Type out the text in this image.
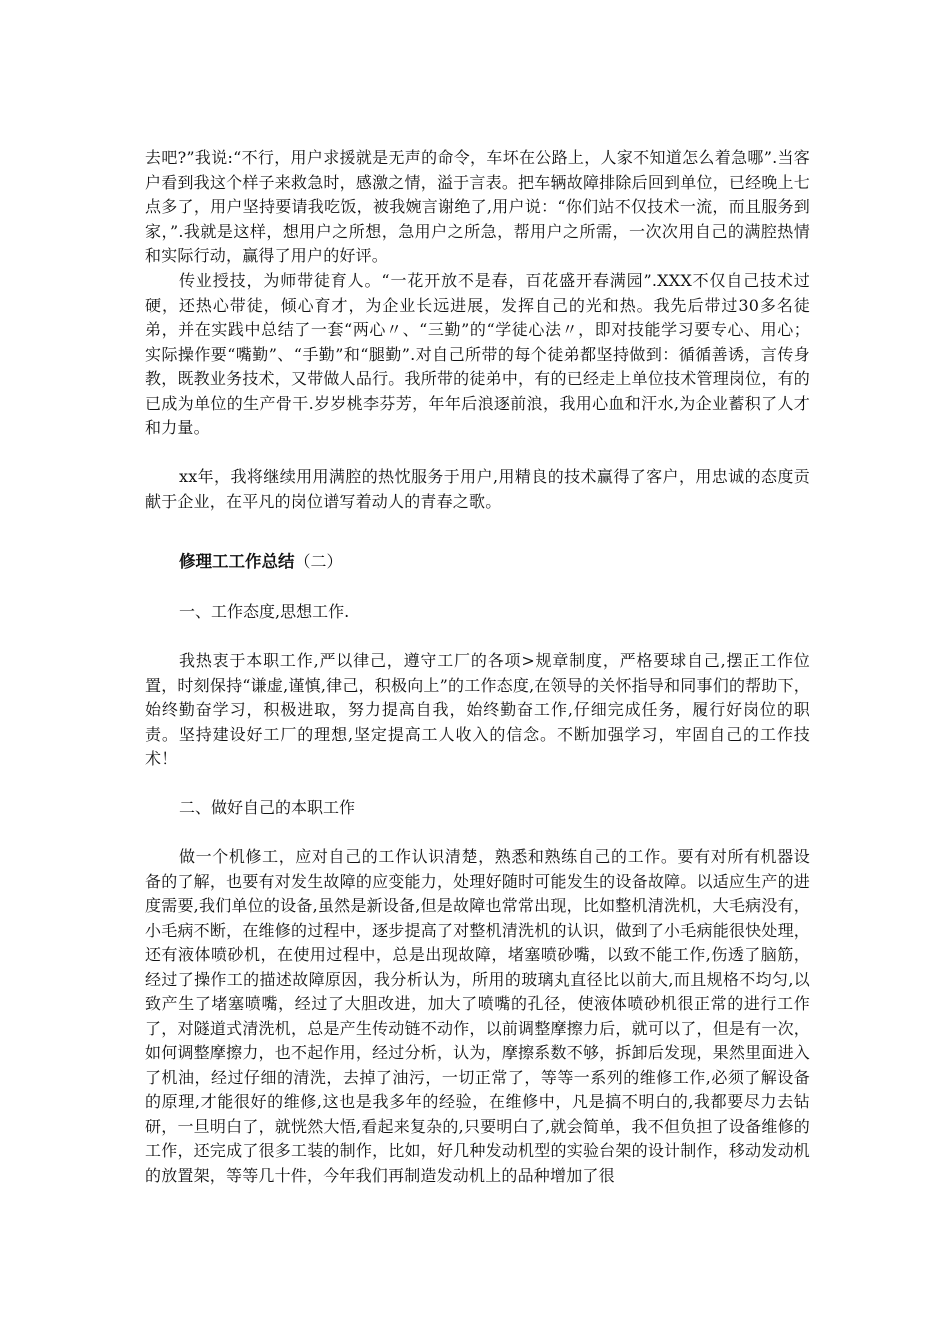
去吧?”我说:“不行，用户求援就是无声的命令，车坏在公路上，人家不知道怎么着急哪”.当客户看到我这个样子来救急时，感激之情，溢于言表。把车辆故障排除后回到单位，已经晚上七点多了，用户坚持要请我吃饭，被我婉言谢绝了,用户说：“你们站不仅技术一流，而且服务到家，”.我就是这样，想用户之所想，急用户之所急，帮用户之所需，一次次用自己的满腔热情和实际行动，赢得了用户的好评。

传业授技，为师带徒育人。“一花开放不是春，百花盛开春满园”.XXX不仅自己技术过硬，还热心带徒，倾心育才，为企业长远进展，发挥自己的光和热。我先后带过30多名徒弟，并在实践中总结了一套“两心〃、“三勤”的“学徒心法〃，即对技能学习要专心、用心；实际操作要“嘴勤”、“手勤”和“腿勤”.对自己所带的每个徒弟都坚持做到：循循善诱，言传身教，既教业务技术，又带做人品行。我所带的徒弟中，有的已经走上单位技术管理岗位，有的已成为单位的生产骨干.岁岁桃李芬芳，年年后浪逐前浪，我用心血和汗水,为企业蓄积了人才和力量。

xx年，我将继续用用满腔的热忱服务于用户,用精良的技术赢得了客户，用忠诚的态度贡献于企业，在平凡的岗位谱写着动人的青春之歌。

修理工工作总结（二）

一、工作态度,思想工作.

我热衷于本职工作,严以律己，遵守工厂的各项>规章制度，严格要球自己,摆正工作位置，时刻保持“谦虚,谨慎,律己，积极向上”的工作态度,在领导的关怀指导和同事们的帮助下，始终勤奋学习，积极进取，努力提高自我，始终勤奋工作,仔细完成任务，履行好岗位的职责。坚持建设好工厂的理想,坚定提高工人收入的信念。不断加强学习，牢固自己的工作技术！

二、做好自己的本职工作

做一个机修工，应对自己的工作认识清楚，熟悉和熟练自己的工作。要有对所有机器设备的了解，也要有对发生故障的应变能力，处理好随时可能发生的设备故障。以适应生产的进度需要,我们单位的设备,虽然是新设备,但是故障也常常出现，比如整机清洗机，大毛病没有，小毛病不断，在维修的过程中，逐步提高了对整机清洗机的认识，做到了小毛病能很快处理，还有液体喷砂机，在使用过程中，总是出现故障，堵塞喷砂嘴，以致不能工作,伤透了脑筋，经过了操作工的描述故障原因，我分析认为，所用的玻璃丸直径比以前大,而且规格不均匀,以致产生了堵塞喷嘴，经过了大胆改进，加大了喷嘴的孔径，使液体喷砂机很正常的进行工作了，对隧道式清洗机，总是产生传动链不动作，以前调整摩擦力后，就可以了，但是有一次，如何调整摩擦力，也不起作用，经过分析，认为，摩擦系数不够，拆卸后发现，果然里面进入了机油，经过仔细的清洗，去掉了油污，一切正常了，等等一系列的维修工作,必须了解设备的原理,才能很好的维修,这也是我多年的经验，在维修中，凡是搞不明白的,我都要尽力去钻研，一旦明白了，就恍然大悟,看起来复杂的,只要明白了,就会简单，我不但负担了设备维修的工作，还完成了很多工装的制作，比如，好几种发动机型的实验台架的设计制作，移动发动机的放置架，等等几十件，今年我们再制造发动机上的品种增加了很
